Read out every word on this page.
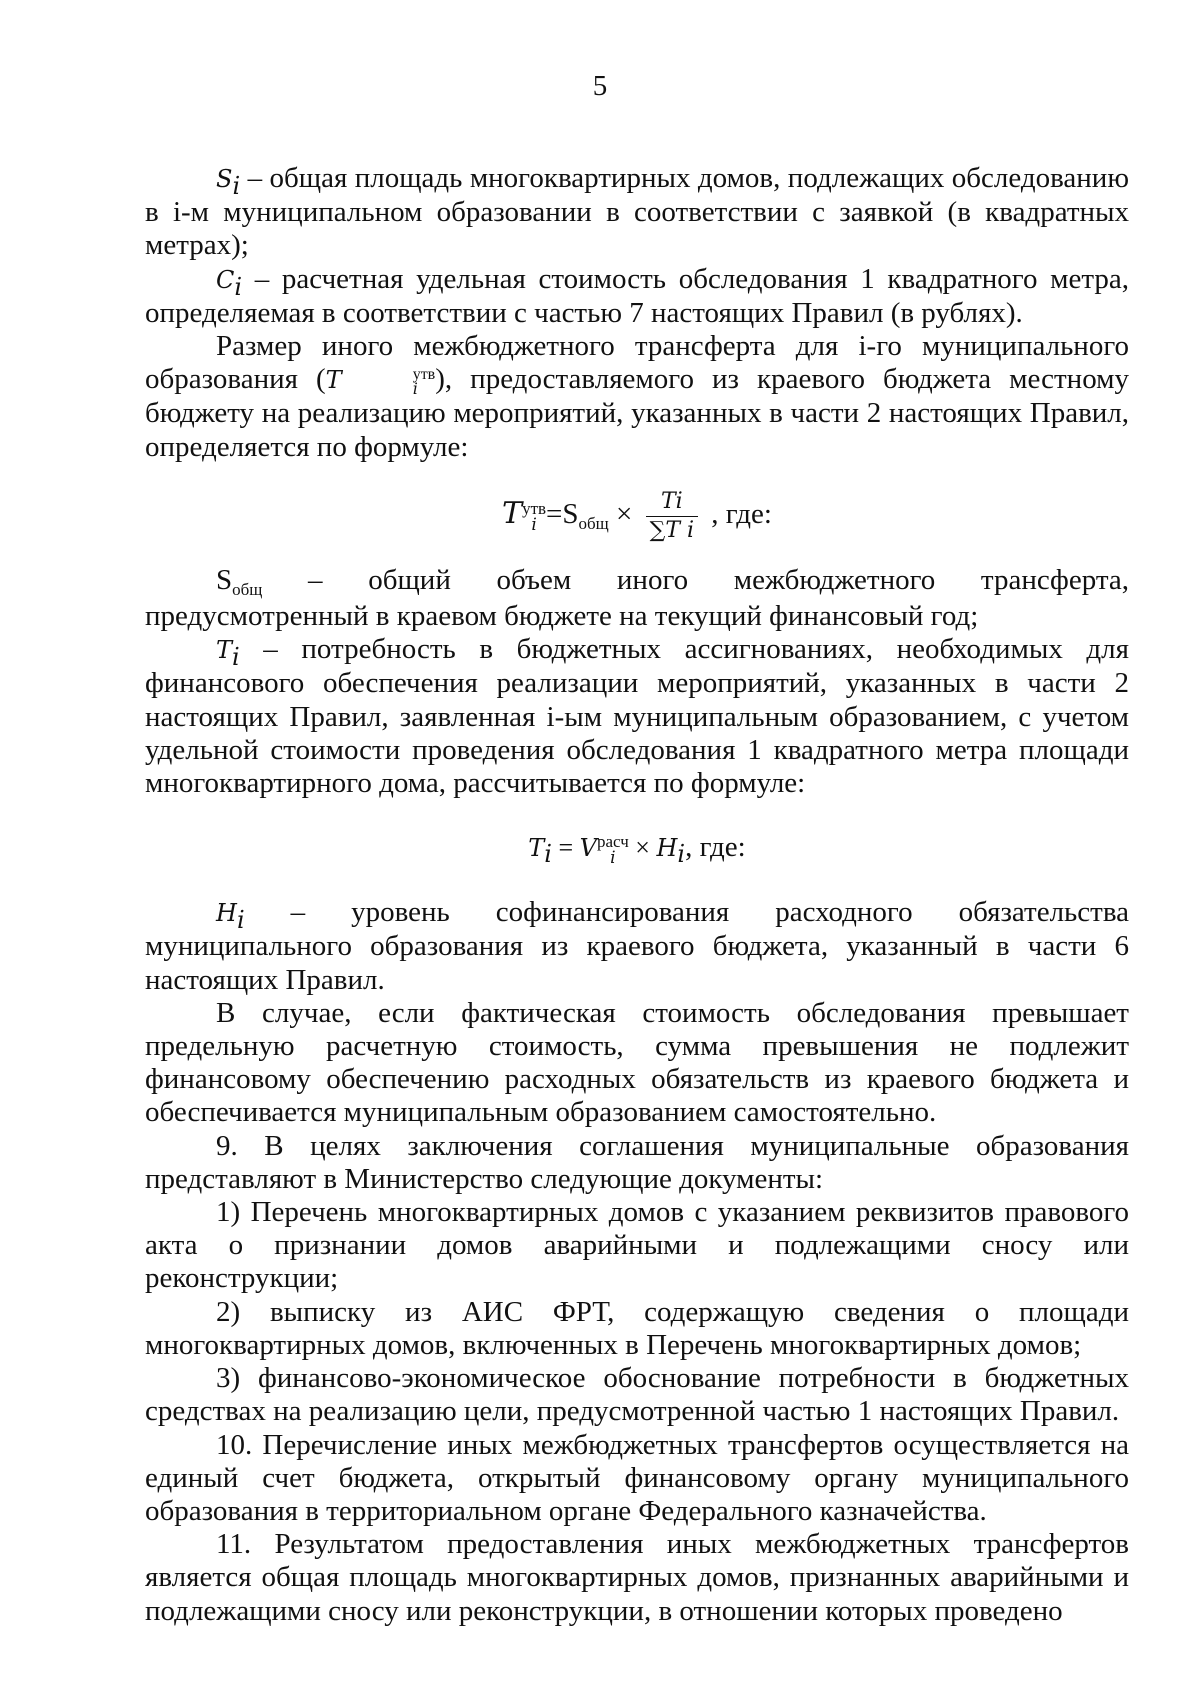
5

$S_i$ – общая площадь многоквартирных домов, подлежащих обследованию в і-м муниципальном образовании в соответствии с заявкой (в квадратных метрах);

$C_i$ – расчетная удельная стоимость обследования 1 квадратного метра, определяемая в соответствии с частью 7 настоящих Правил (в рублях).

Размер иного межбюджетного трансферта для і-го муниципального образования (T	утв
i ), предоставляемого из краевого бюджета местному бюджету на реализацию мероприятий, указанных в части 2 настоящих Правил, определяется по формуле:

T утв
$i =S_{общ} \times \frac{Ti}{\text{∑T i}}$ , где:

$S_{общ}$ – общий объем иного межбюджетного трансферта, предусмотренный в краевом бюджете на текущий финансовый год;

$T_i$ – потребность в бюджетных ассигнованиях, необходимых для финансового обеспечения реализации мероприятий, указанных в части 2 настоящих Правил, заявленная і-ым муниципальным образованием, с учетом удельной стоимости проведения обследования 1 квадратного метра площади многоквартирного дома, рассчитывается по формуле:

$T_i = V$ расч
$i \times H_i$, где:

$H_i$ – уровень софинансирования расходного обязательства муниципального образования из краевого бюджета, указанный в части 6 настоящих Правил.

В случае, если фактическая стоимость обследования превышает предельную расчетную стоимость, сумма превышения не подлежит финансовому обеспечению расходных обязательств из краевого бюджета и обеспечивается муниципальным образованием самостоятельно.

9. В целях заключения соглашения муниципальные образования представляют в Министерство следующие документы:

1) Перечень многоквартирных домов с указанием реквизитов правового акта о признании домов аварийными и подлежащими сносу или реконструкции;

2) выписку из АИС ФРТ, содержащую сведения о площади многоквартирных домов, включенных в Перечень многоквартирных домов;

3) финансово-экономическое обоснование потребности в бюджетных средствах на реализацию цели, предусмотренной частью 1 настоящих Правил.

10. Перечисление иных межбюджетных трансфертов осуществляется на единый счет бюджета, открытый финансовому органу муниципального образования в территориальном органе Федерального казначейства.

11. Результатом предоставления иных межбюджетных трансфертов является общая площадь многоквартирных домов, признанных аварийными и подлежащими сносу или реконструкции, в отношении которых проведено
